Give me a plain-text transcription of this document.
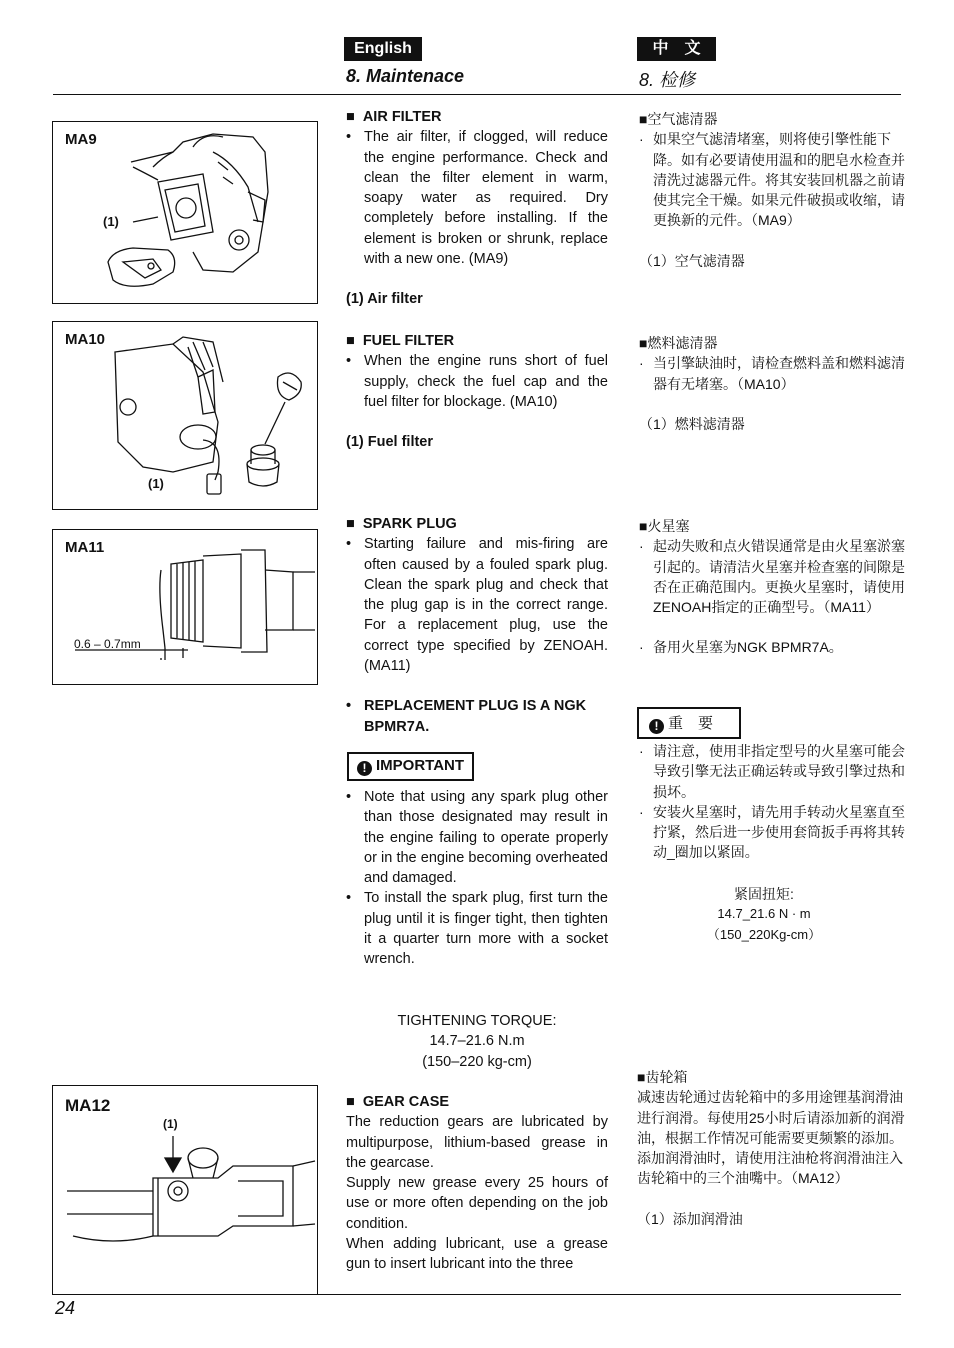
English	中　文
8. Maintenace	8. 检修
MA9
(1)
MA10
(1)
MA11
0.6 – 0.7mm
MA12
(1)
■  AIR FILTER
• The air filter, if clogged, will reduce the engine performance. Check and clean the filter element in warm, soapy water as required. Dry completely before installing. If the element is broken or shrunk, replace with a new one. (MA9)
(1) Air filter
■  FUEL FILTER
• When the engine runs short of fuel supply, check the fuel cap and the fuel filter for blockage. (MA10)
(1) Fuel filter
■  SPARK PLUG
• Starting failure and mis-firing are often caused by a fouled spark plug. Clean the spark plug and check that the plug gap is in the correct range. For a replacement plug, use the correct type specified by ZENOAH. (MA11)
• REPLACEMENT PLUG IS A NGK BPMR7A.
! IMPORTANT
• Note that using any spark plug other than those designated may result in the engine failing to operate properly or in the engine becoming overheated and damaged.
• To install the spark plug, first turn the plug until it is finger tight, then tighten it a quarter turn more with a socket wrench.
TIGHTENING TORQUE:
14.7–21.6 N.m
(150–220 kg-cm)
■  GEAR CASE
The reduction gears are lubricated by multipurpose, lithium-based grease in the gearcase.
Supply new grease every 25 hours of use or more often depending on the job condition.
When adding lubricant, use a grease gun to insert lubricant into the three
■空气滤清器
· 如果空气滤清堵塞，则将使引擎性能下降。如有必要请使用温和的肥皂水检查并清洗过滤器元件。将其安装回机器之前请使其完全干燥。如果元件破损或收缩，请更换新的元件。（MA9）
（1）空气滤清器
■燃料滤清器
· 当引擎缺油时，请检查燃料盖和燃料滤清器有无堵塞。（MA10）
（1）燃料滤清器
■火星塞
· 起动失败和点火错误通常是由火星塞淤塞引起的。请清洁火星塞并检查塞的间隙是否在正确范围内。更换火星塞时，请使用ZENOAH指定的正确型号。（MA11）
· 备用火星塞为NGK BPMR7A。
! 重　要
· 请注意，使用非指定型号的火星塞可能会导致引擎无法正确运转或导致引擎过热和损坏。
· 安装火星塞时，请先用手转动火星塞直至拧紧，然后进一步使用套筒扳手再将其转动_圈加以紧固。
紧固扭矩:
14.7_21.6 N · m
（150_220Kg-cm）
■齿轮箱
减速齿轮通过齿轮箱中的多用途锂基润滑油进行润滑。每使用25小时后请添加新的润滑油，根据工作情况可能需要更频繁的添加。添加润滑油时，请使用注油枪将润滑油注入齿轮箱中的三个油嘴中。（MA12）
（1）添加润滑油
24
